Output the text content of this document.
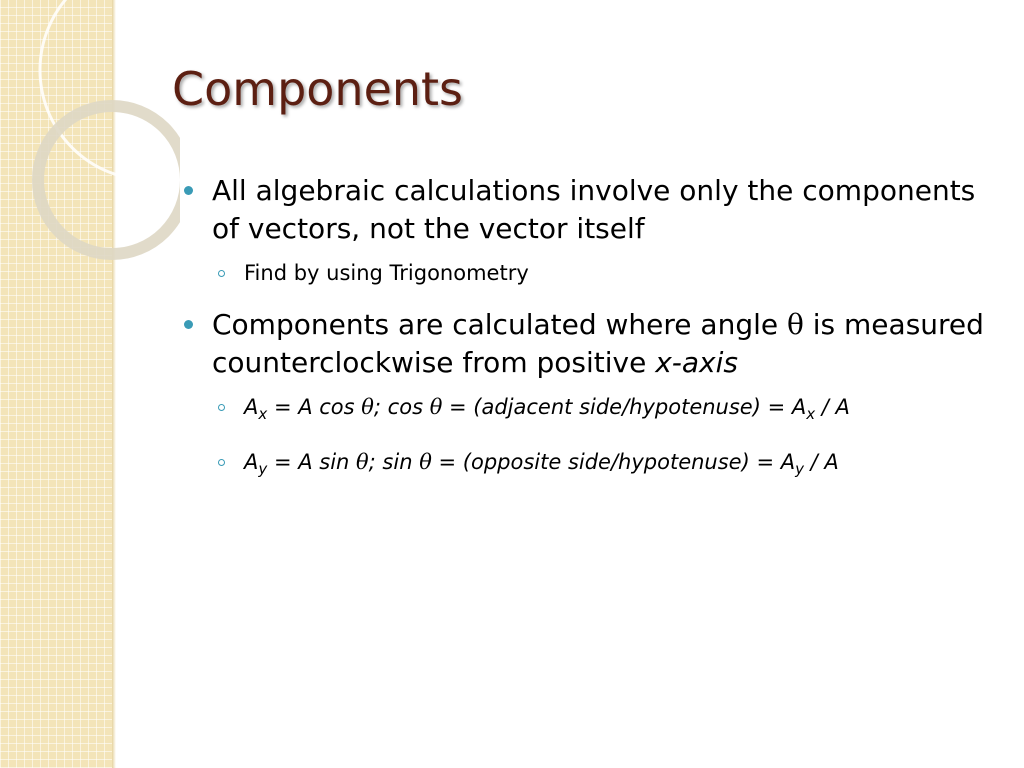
Components
All algebraic calculations involve only the components of vectors, not the vector itself
Find by using Trigonometry
Components are calculated where angle θ is measured counterclockwise from positive x-axis
$A_x = A$ cos θ; cos θ = (adjacent side/hypotenuse) = $A_x$ / A
$A_y = A$ sin θ; sin θ = (opposite side/hypotenuse) = $A_y$ / A
